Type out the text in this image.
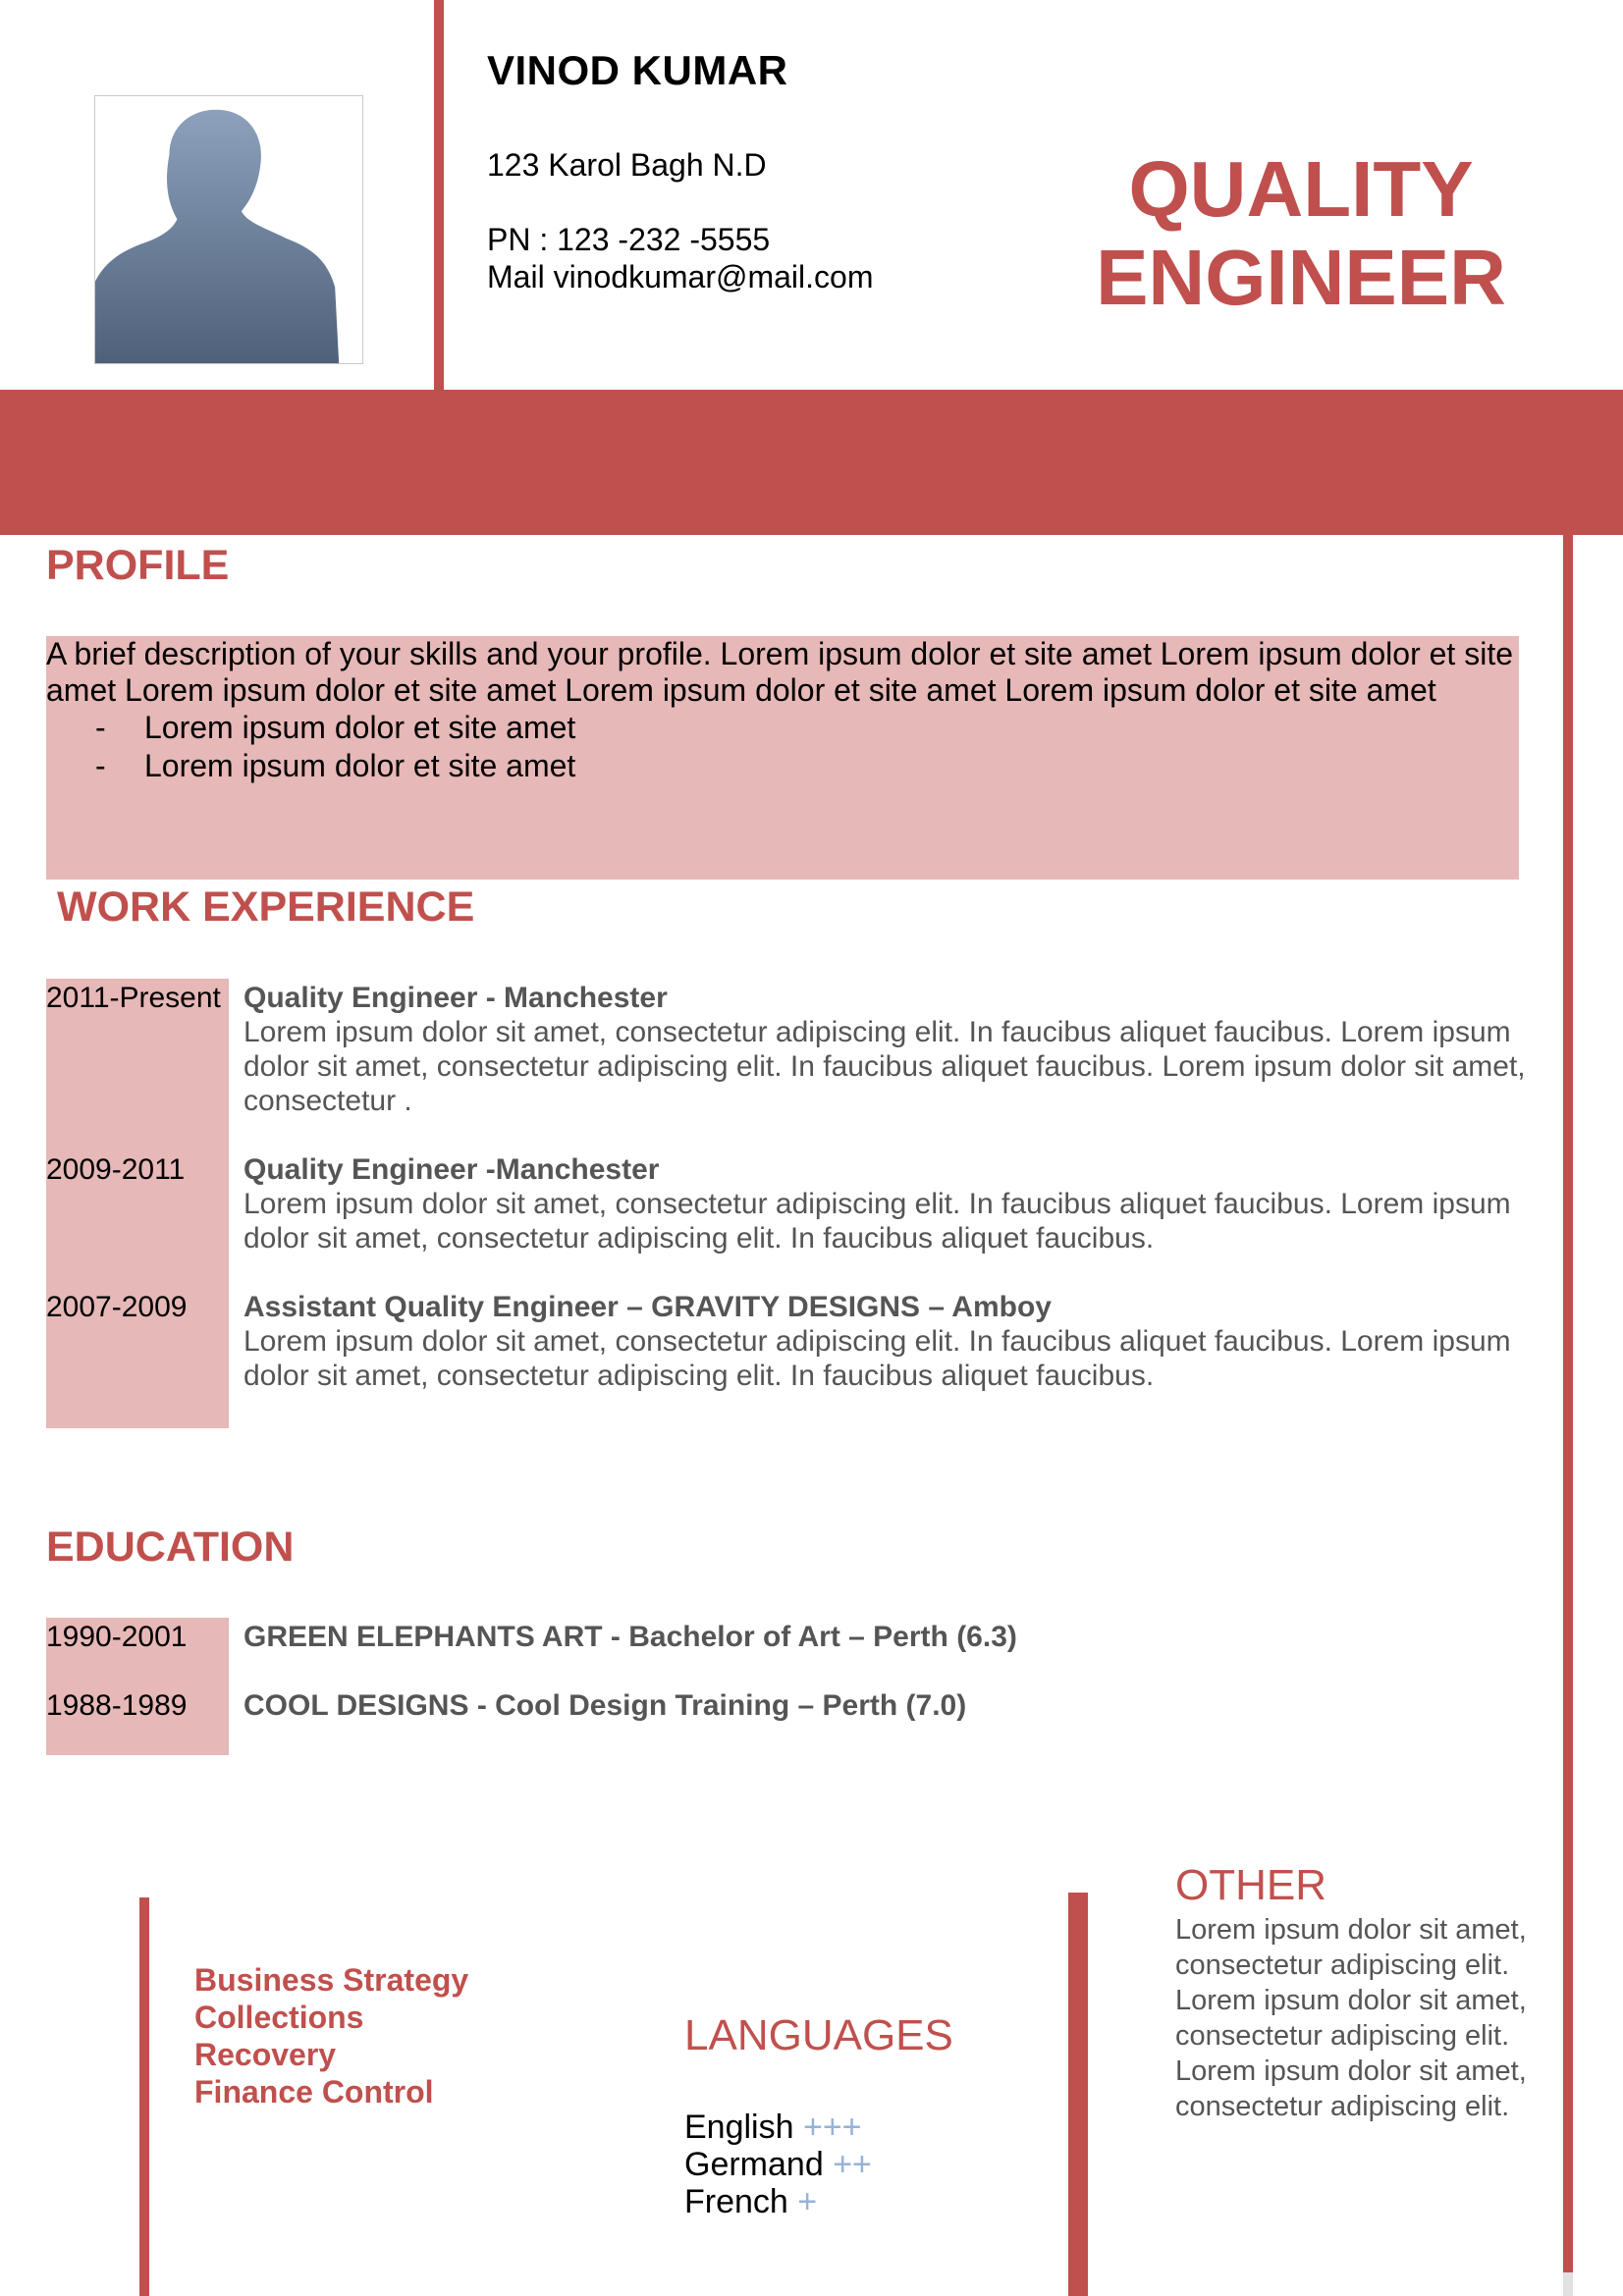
VINOD KUMAR
123 Karol Bagh N.D
PN : 123 -232 -5555
Mail vinodkumar@mail.com
QUALITY
ENGINEER
PROFILE

A brief description of your skills and your profile. Lorem ipsum dolor et site amet Lorem ipsum dolor et site amet Lorem ipsum dolor et site amet Lorem ipsum dolor et site amet Lorem ipsum dolor et site amet

-	Lorem ipsum dolor et site amet
-	Lorem ipsum dolor et site amet
WORK EXPERIENCE
2011-Present Quality Engineer - Manchester
Lorem ipsum dolor sit amet, consectetur adipiscing elit. In faucibus aliquet faucibus. Lorem ipsum dolor sit amet, consectetur adipiscing elit. In faucibus aliquet faucibus. Lorem ipsum dolor sit amet, consectetur .
2009-2011 Quality Engineer -Manchester
Lorem ipsum dolor sit amet, consectetur adipiscing elit. In faucibus aliquet faucibus. Lorem ipsum dolor sit amet, consectetur adipiscing elit. In faucibus aliquet faucibus.
2007-2009 Assistant Quality Engineer – GRAVITY DESIGNS – Amboy
Lorem ipsum dolor sit amet, consectetur adipiscing elit. In faucibus aliquet faucibus. Lorem ipsum dolor sit amet, consectetur adipiscing elit. In faucibus aliquet faucibus.
EDUCATION
1990-2001 GREEN ELEPHANTS ART - Bachelor of Art – Perth (6.3)
1988-1989 COOL DESIGNS - Cool Design Training – Perth (7.0)
Business Strategy
Collections
Recovery
Finance Control
LANGUAGES
English +++
Germand ++
French +
OTHER
Lorem ipsum dolor sit amet,
consectetur adipiscing elit.
Lorem ipsum dolor sit amet,
consectetur adipiscing elit.
Lorem ipsum dolor sit amet,
consectetur adipiscing elit.
